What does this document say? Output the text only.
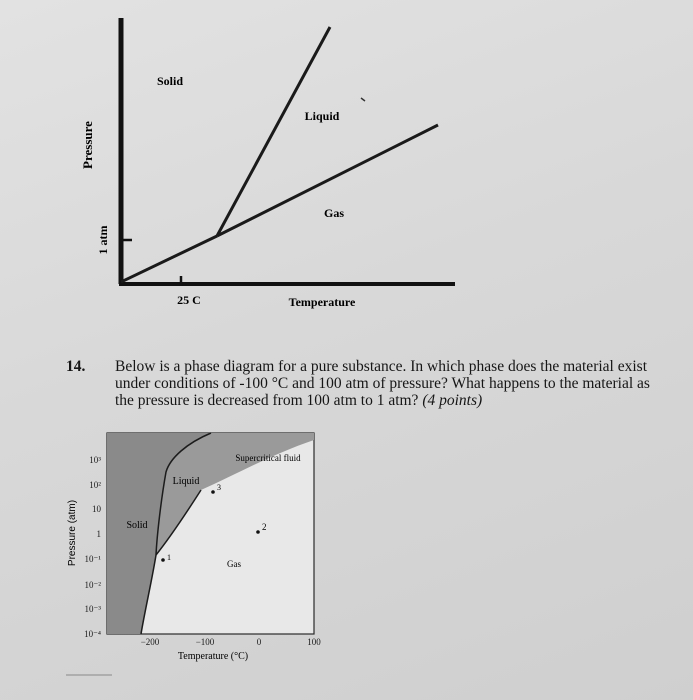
Pressure
1 atm
25 C	Temperature
Solid
Liquid
Gas
10³
10²
10
1
10⁻¹
10⁻²
10⁻³
10⁻⁴
−200	−100	0	100
Pressure (atm)
Temperature (°C)
Solid
Liquid
Gas
Supercritical fluid
1
2
3
14. Below is a phase diagram for a pure substance. In which phase does the material exist under conditions of -100 °C and 100 atm of pressure? What happens to the material as the pressure is decreased from 100 atm to 1 atm? (4 points)
